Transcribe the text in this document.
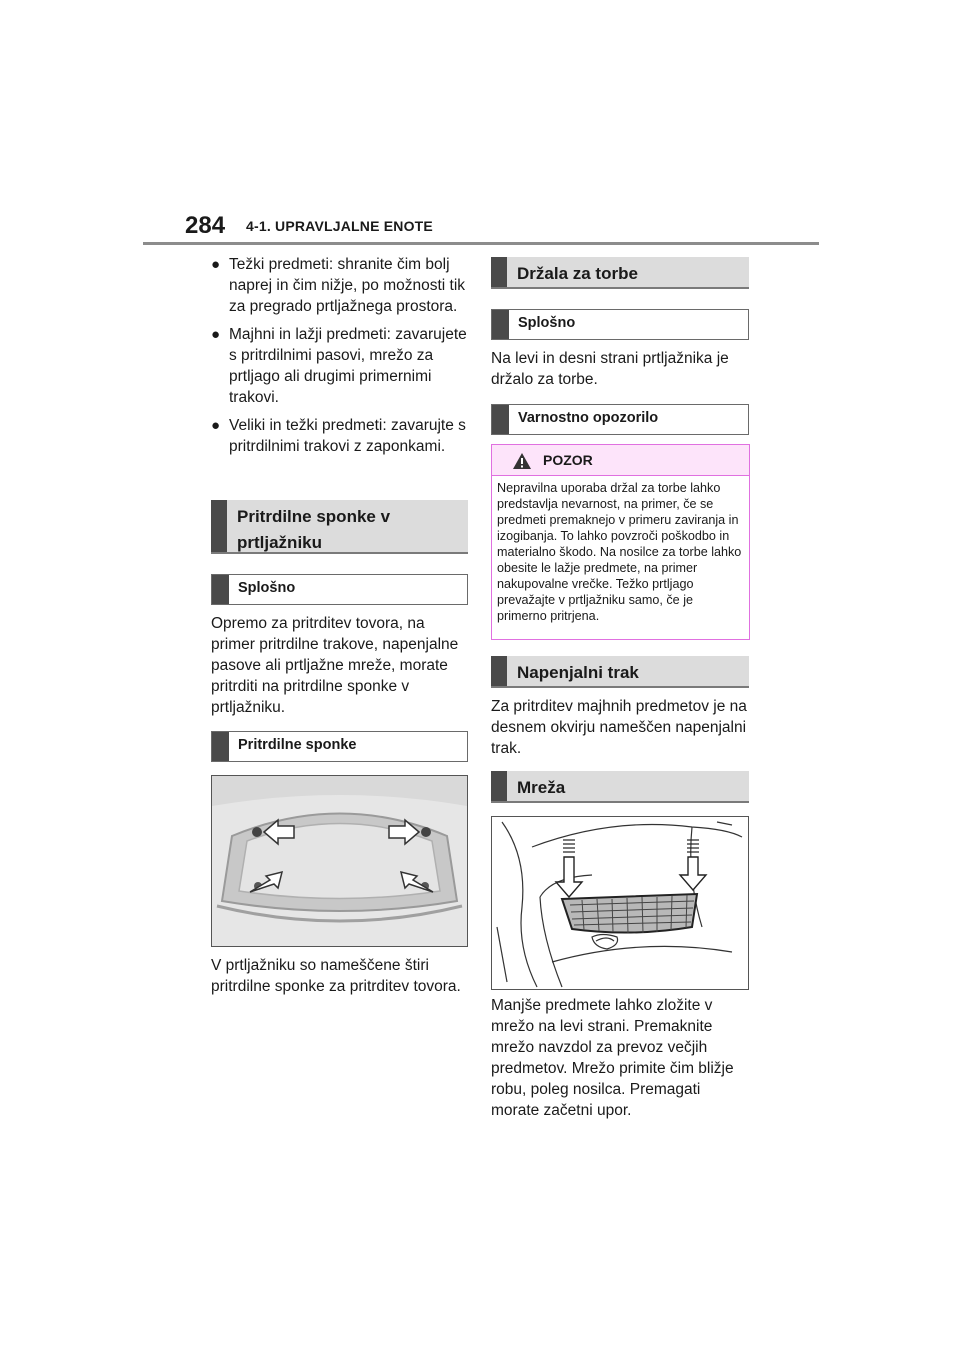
284 4-1. UPRAVLJALNE ENOTE
● Težki predmeti: shranite čim bolj naprej in čim nižje, po možnosti tik za pregrado prtljažnega prostora.
● Majhni in lažji predmeti: zavarujete s pritrdilnimi pasovi, mrežo za prtljago ali drugimi primernimi trakovi.
● Veliki in težki predmeti: zavarujte s pritrdilnimi trakovi z zaponkami.
Pritrdilne sponke v
prtljažniku
Splošno
Opremo za pritrditev tovora, na primer pritrdilne trakove, napenjalne pasove ali prtljažne mreže, morate pritrditi na pritrdilne sponke v prtljažniku.
Pritrdilne sponke
V prtljažniku so nameščene štiri pritrdilne sponke za pritrditev tovora.
Držala za torbe
Splošno
Na levi in desni strani prtljažnika je držalo za torbe.
Varnostno opozorilo
POZOR
Nepravilna uporaba držal za torbe lahko predstavlja nevarnost, na primer, če se predmeti premaknejo v primeru zaviranja in izogibanja. To lahko povzroči poškodbo in materialno škodo. Na nosilce za torbe lahko obesite le lažje predmete, na primer nakupovalne vrečke. Težko prtljago prevažajte v prtljažniku samo, če je primerno pritrjena.
Napenjalni trak
Za pritrditev majhnih predmetov je na desnem okvirju nameščen napenjalni trak.
Mreža
Manjše predmete lahko zložite v mrežo na levi strani. Premaknite mrežo navzdol za prevoz večjih predmetov. Mrežo primite čim bližje robu, poleg nosilca. Premagati morate začetni upor.
